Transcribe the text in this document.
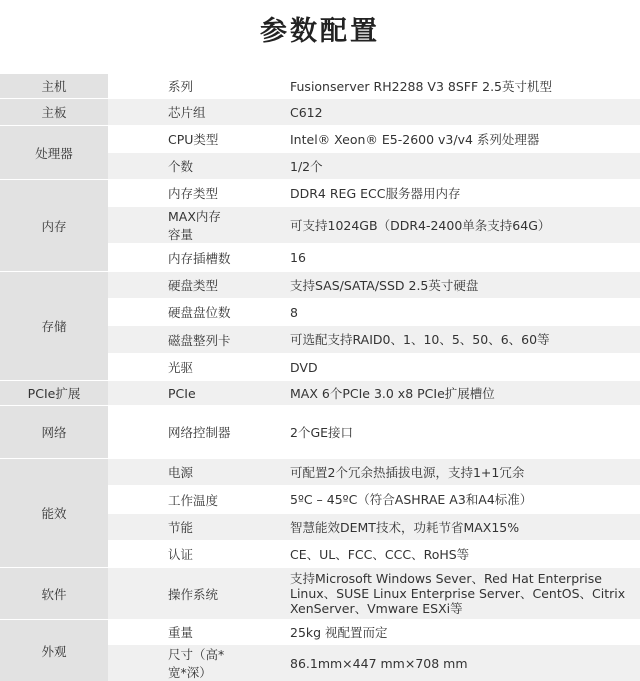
参数配置
主机	系列	Fusionserver RH2288 V3 8SFF 2.5英寸机型
主板	芯片组	C612
处理器	CPU类型	Intel® Xeon® E5-2600 v3/v4 系列处理器
	个数	1/2个
内存	内存类型	DDR4 REG ECC服务器用内存
	MAX内存容量	可支持1024GB（DDR4-2400单条支持64G）
	内存插槽数	16
存储	硬盘类型	支持SAS/SATA/SSD 2.5英寸硬盘
	硬盘盘位数	8
	磁盘整列卡	可选配支持RAID0、1、10、5、50、6、60等
	光驱	DVD
PCIe扩展	PCIe	MAX 6个PCIe 3.0 x8 PCIe扩展槽位
网络	网络控制器	2个GE接口
能效	电源	可配置2个冗余热插拔电源，支持1+1冗余
	工作温度	5ºC – 45ºC（符合ASHRAE A3和A4标准）
	节能	智慧能效DEMT技术，功耗节省MAX15%
	认证	CE、UL、FCC、CCC、RoHS等
软件	操作系统	支持Microsoft Windows Sever、Red Hat Enterprise Linux、SUSE Linux Enterprise Server、CentOS、Citrix XenServer、Vmware ESXi等
外观	重量	25kg 视配置而定
	尺寸（高*宽*深）	86.1mm×447 mm×708 mm
